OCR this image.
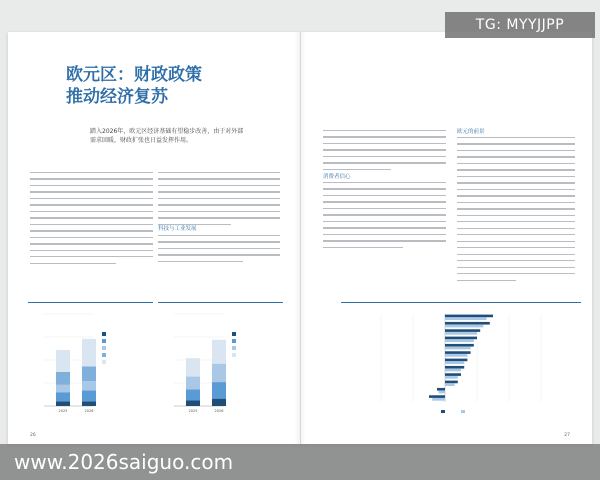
欧元区：财政政策
推动经济复苏

踏入2026年，欧元区经济基础有望稳步改善，由于对外部
需求回暖，财政扩张也日益发挥作用。

科技与工业发展

2025	2026	2025	2026
26

消费者信心

欧元的前景

27
TG: MYYJJPP
www.2026saiguo.com
